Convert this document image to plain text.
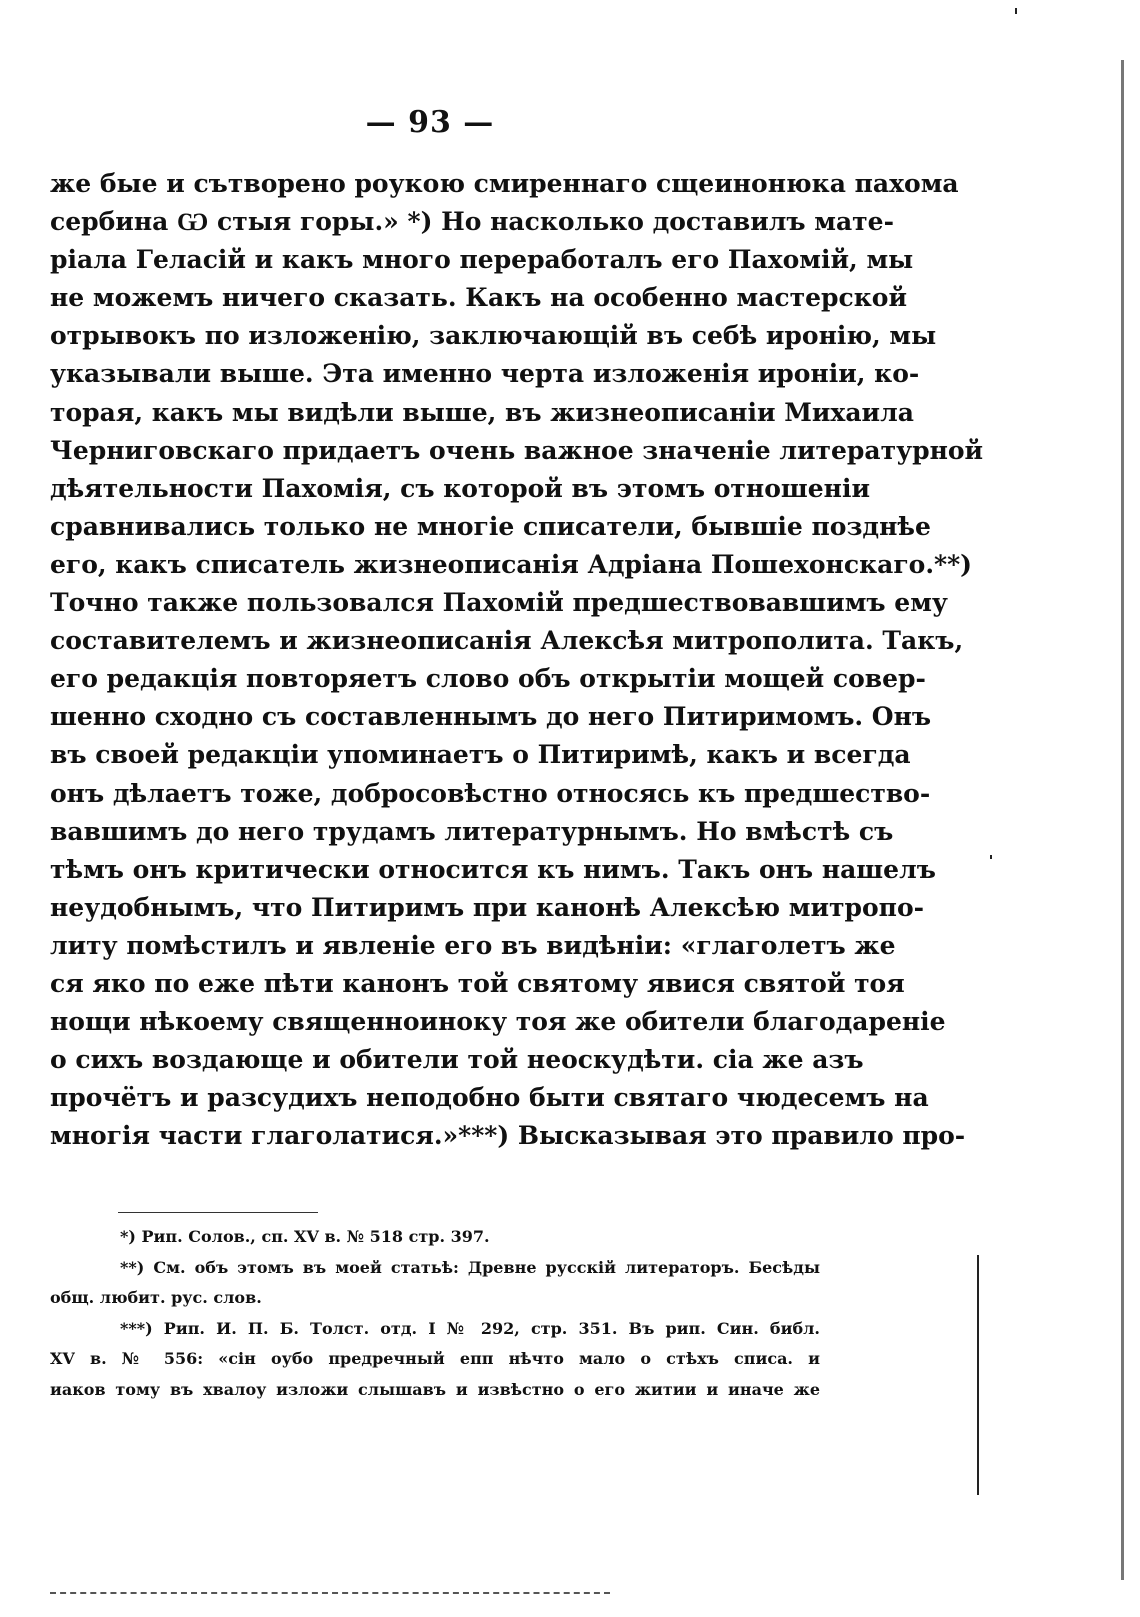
— 93 —
же бые и сътворено роукою смиреннаго сщеинонюка пахома
сербина Ѡ стыя горы.» *) Но насколько доставилъ мате-
ріала Геласій и какъ много переработалъ его Пахомій, мы
не можемъ ничего сказать. Какъ на особенно мастерской
отрывокъ по изложенію, заключающій въ себѣ иронію, мы
указывали выше. Эта именно черта изложенія ироніи, ко-
торая, какъ мы видѣли выше, въ жизнеописаніи Михаила
Черниговскаго придаетъ очень важное значеніе литературной
дѣятельности Пахомія, съ которой въ этомъ отношеніи
сравнивались только не многіе списатели, бывшіе позднѣе
его, какъ списатель жизнеописанія Адріана Пошехонскаго.**)
Точно также пользовался Пахомій предшествовавшимъ ему
составителемъ и жизнеописанія Алексѣя митрополита. Такъ,
его редакція повторяетъ слово объ открытіи мощей совер-
шенно сходно съ составленнымъ до него Питиримомъ. Онъ
въ своей редакціи упоминаетъ о Питиримѣ, какъ и всегда
онъ дѣлаетъ тоже, добросовѣстно относясь къ предшество-
вавшимъ до него трудамъ литературнымъ. Но вмѣстѣ съ
тѣмъ онъ критически относится къ нимъ. Такъ онъ нашелъ
неудобнымъ, что Питиримъ при канонѣ Алексѣю митропо-
литу помѣстилъ и явленіе его въ видѣніи: «глаголетъ же
ся яко по еже пѣти канонъ той святому явися святой тоя
нощи нѣкоему священноиноку тоя же обители благодареніе
о сихъ воздающе и обители той неоскудѣти. сіа же азъ
прочётъ и разсудихъ неподобно быти святаго чюдесемъ на
многія части глаголатися.»***) Высказывая это правило про-
*) Рип. Солов., сп. XV в. № 518 стр. 397.
**) См. объ этомъ въ моей статьѣ: Древне русскій литераторъ. Бесѣды
общ. любит. рус. слов.
***) Рип. И. П. Б. Толст. отд. I № 292, стр. 351. Въ рип. Син. библ.
XV в. № 556: «сін оубо предречный епп нѣчто мало о стѣхъ списа. и
иаков тому въ хвалоу изложи слышавъ и извѣстно о его житии и иначе же
